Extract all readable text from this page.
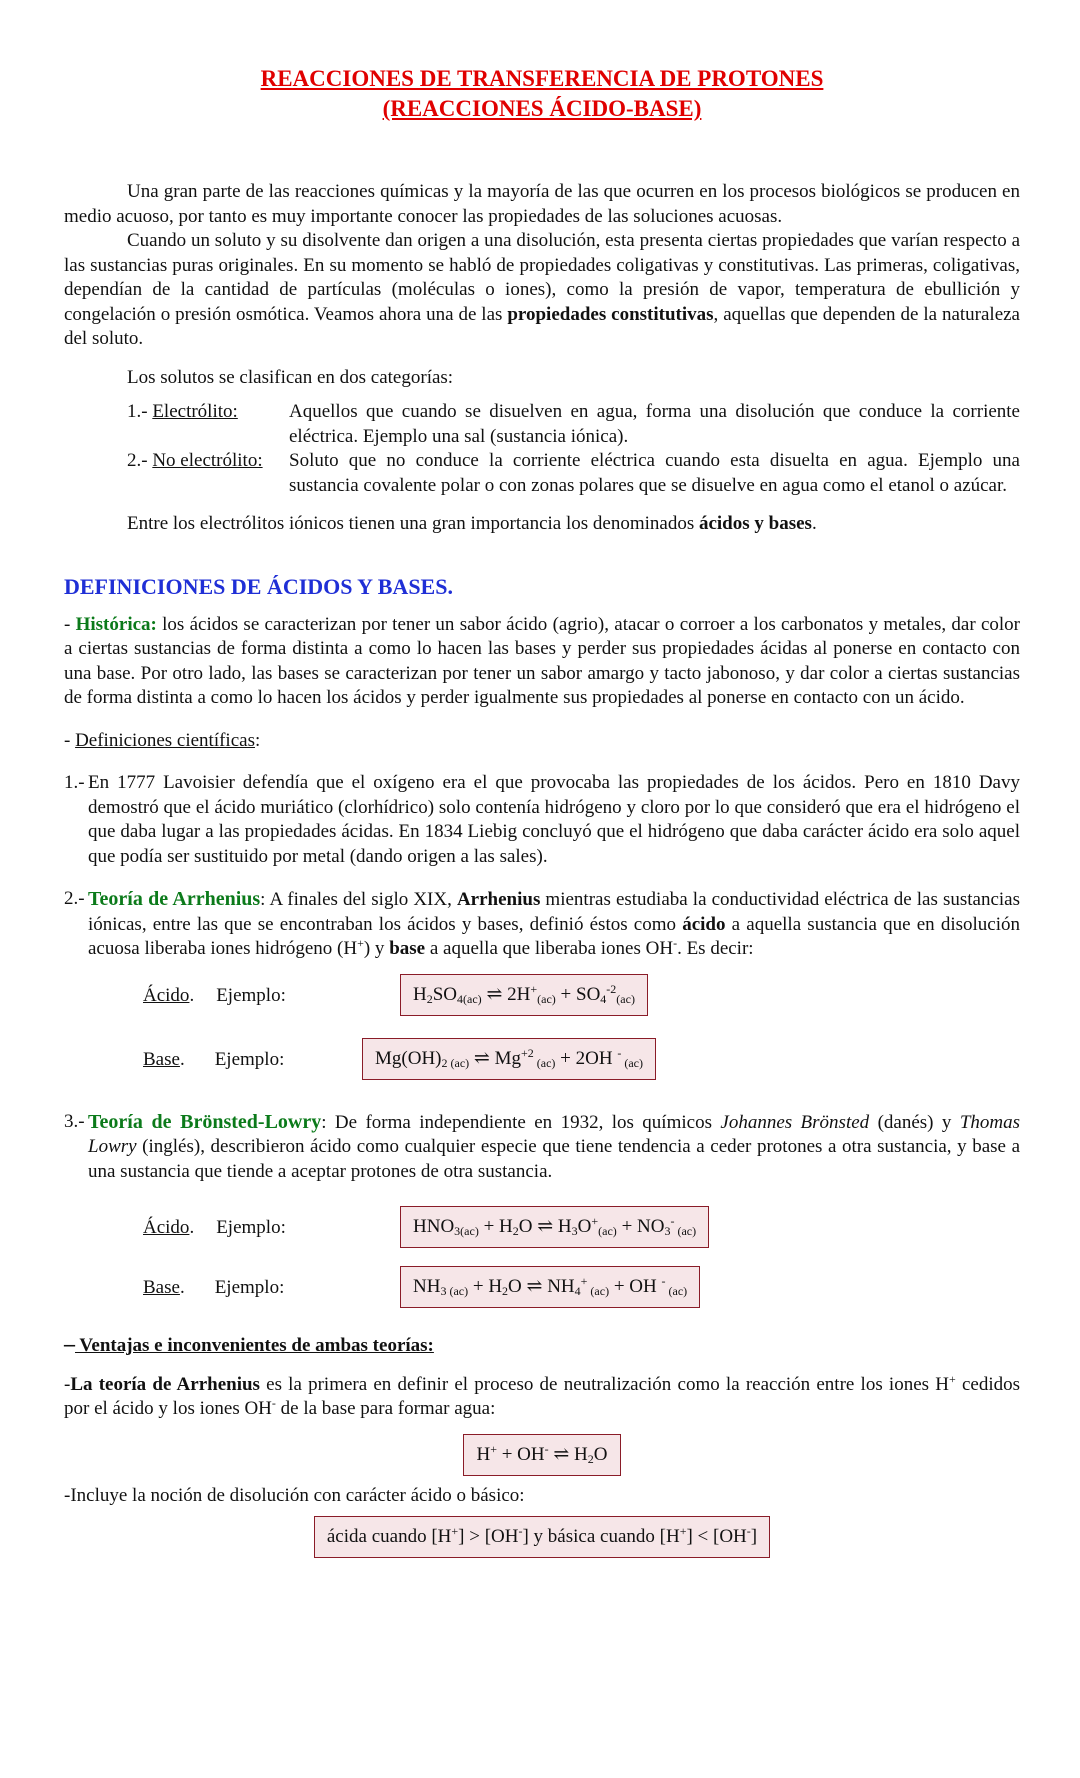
REACCIONES DE TRANSFERENCIA DE PROTONES

(REACCIONES ÁCIDO-BASE)

Una gran parte de las reacciones químicas y la mayoría de las que ocurren en los procesos biológicos se producen en medio acuoso, por tanto es muy importante conocer las propiedades de las soluciones acuosas.

Cuando un soluto y su disolvente dan origen a una disolución, esta presenta ciertas propiedades que varían respecto a las sustancias puras originales. En su momento se habló de propiedades coligativas y constitutivas. Las primeras, coligativas, dependían de la cantidad de partículas (moléculas o iones), como la presión de vapor, temperatura de ebullición y congelación o presión osmótica. Veamos ahora una de las propiedades constitutivas, aquellas que dependen de la naturaleza del soluto.

Los solutos se clasifican en dos categorías:

1.- Electrólito:	Aquellos que cuando se disuelven en agua, forma una disolución que conduce la corriente eléctrica. Ejemplo una sal (sustancia iónica).

2.- No electrólito:	Soluto que no conduce la corriente eléctrica cuando esta disuelta en agua. Ejemplo una sustancia covalente polar o con zonas polares que se disuelve en agua como el etanol o azúcar.

Entre los electrólitos iónicos tienen una gran importancia los denominados ácidos y bases.

DEFINICIONES DE ÁCIDOS Y BASES.

- Histórica: los ácidos se caracterizan por tener un sabor ácido (agrio), atacar o corroer a los carbonatos y metales, dar color a ciertas sustancias de forma distinta a como lo hacen las bases y perder sus propiedades ácidas al ponerse en contacto con una base. Por otro lado, las bases se caracterizan por tener un sabor amargo y tacto jabonoso, y dar color a ciertas sustancias de forma distinta a como lo hacen los ácidos y perder igualmente sus propiedades al ponerse en contacto con un ácido.

- Definiciones científicas:

1.- En 1777 Lavoisier defendía que el oxígeno era el que provocaba las propiedades de los ácidos. Pero en 1810 Davy demostró que el ácido muriático (clorhídrico) solo contenía hidrógeno y cloro por lo que consideró que era el hidrógeno el que daba lugar a las propiedades ácidas. En 1834 Liebig concluyó que el hidrógeno que daba carácter ácido era solo aquel que podía ser sustituido por metal (dando origen a las sales).

2.- Teoría de Arrhenius: A finales del siglo XIX, Arrhenius mientras estudiaba la conductividad eléctrica de las sustancias iónicas, entre las que se encontraban los ácidos y bases, definió éstos como ácido a aquella sustancia que en disolución acuosa liberaba iones hidrógeno (H+) y base a aquella que liberaba iones OH-. Es decir:

Ácido. Ejemplo:	$H_2SO_{4(ac)}$ ⇌ $2H^+_{(ac)} + SO_4^{-2}_{(ac)}$
Base. Ejemplo:	$Mg(OH)_{2 (ac)}$ ⇌ $Mg^{+2}$ $_{(ac)}$ + 2OH - $_{(ac)}$
3.- Teoría de Brönsted-Lowry: De forma independiente en 1932, los químicos Johannes Brönsted (danés) y Thomas Lowry (inglés), describieron ácido como cualquier especie que tiene tendencia a ceder protones a otra sustancia, y base a una sustancia que tiende a aceptar protones de otra sustancia.

Ácido. Ejemplo:	$HNO_{3(ac)} + H_2O$ ⇌ $H_3O^+_{(ac)} + NO_3^-$ $_{(ac)}$
Base. Ejemplo:	$NH_{3 (ac)} + H_2O$ ⇌ $NH_4^+$ $_{(ac)}$ + OH - $_{(ac)}$

– Ventajas e inconvenientes de ambas teorías:

-La teoría de Arrhenius es la primera en definir el proceso de neutralización como la reacción entre los iones H+ cedidos por el ácido y los iones OH- de la base para formar agua:

H+ + OH- ⇌ $H_2O$

-Incluye la noción de disolución con carácter ácido o básico:

ácida cuando [H+] > [OH-] y básica cuando [H+] < [OH-]
